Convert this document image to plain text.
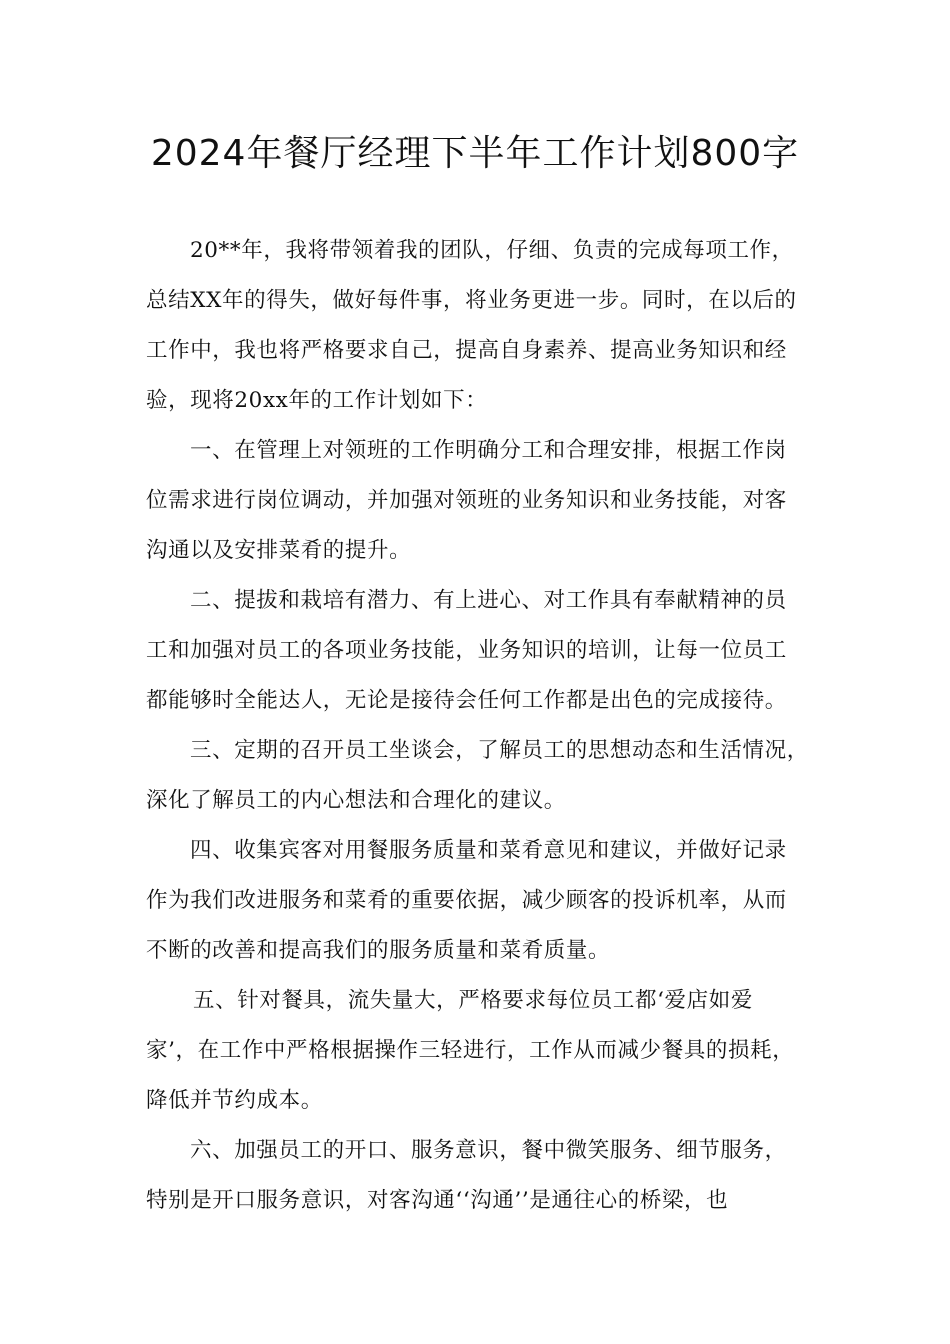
2024年餐厅经理下半年工作计划800字
20**年，我将带领着我的团队，仔细、负责的完成每项工作，
总结XX年的得失，做好每件事，将业务更进一步。同时，在以后的
工作中，我也将严格要求自己，提高自身素养、提高业务知识和经
验，现将20xx年的工作计划如下：
一、在管理上对领班的工作明确分工和合理安排，根据工作岗
位需求进行岗位调动，并加强对领班的业务知识和业务技能，对客
沟通以及安排菜肴的提升。
二、提拔和栽培有潜力、有上进心、对工作具有奉献精神的员
工和加强对员工的各项业务技能，业务知识的培训，让每一位员工
都能够时全能达人，无论是接待会任何工作都是出色的完成接待。
三、定期的召开员工坐谈会，了解员工的思想动态和生活情况，
深化了解员工的内心想法和合理化的建议。
四、收集宾客对用餐服务质量和菜肴意见和建议，并做好记录
作为我们改进服务和菜肴的重要依据，减少顾客的投诉机率，从而
不断的改善和提高我们的服务质量和菜肴质量。
五、针对餐具，流失量大，严格要求每位员工都‘爱店如爱
家’，在工作中严格根据操作三轻进行，工作从而减少餐具的损耗，
降低并节约成本。
六、加强员工的开口、服务意识，餐中微笑服务、细节服务，
特别是开口服务意识，对客沟通‘‘沟通’’是通往心的桥梁，也
